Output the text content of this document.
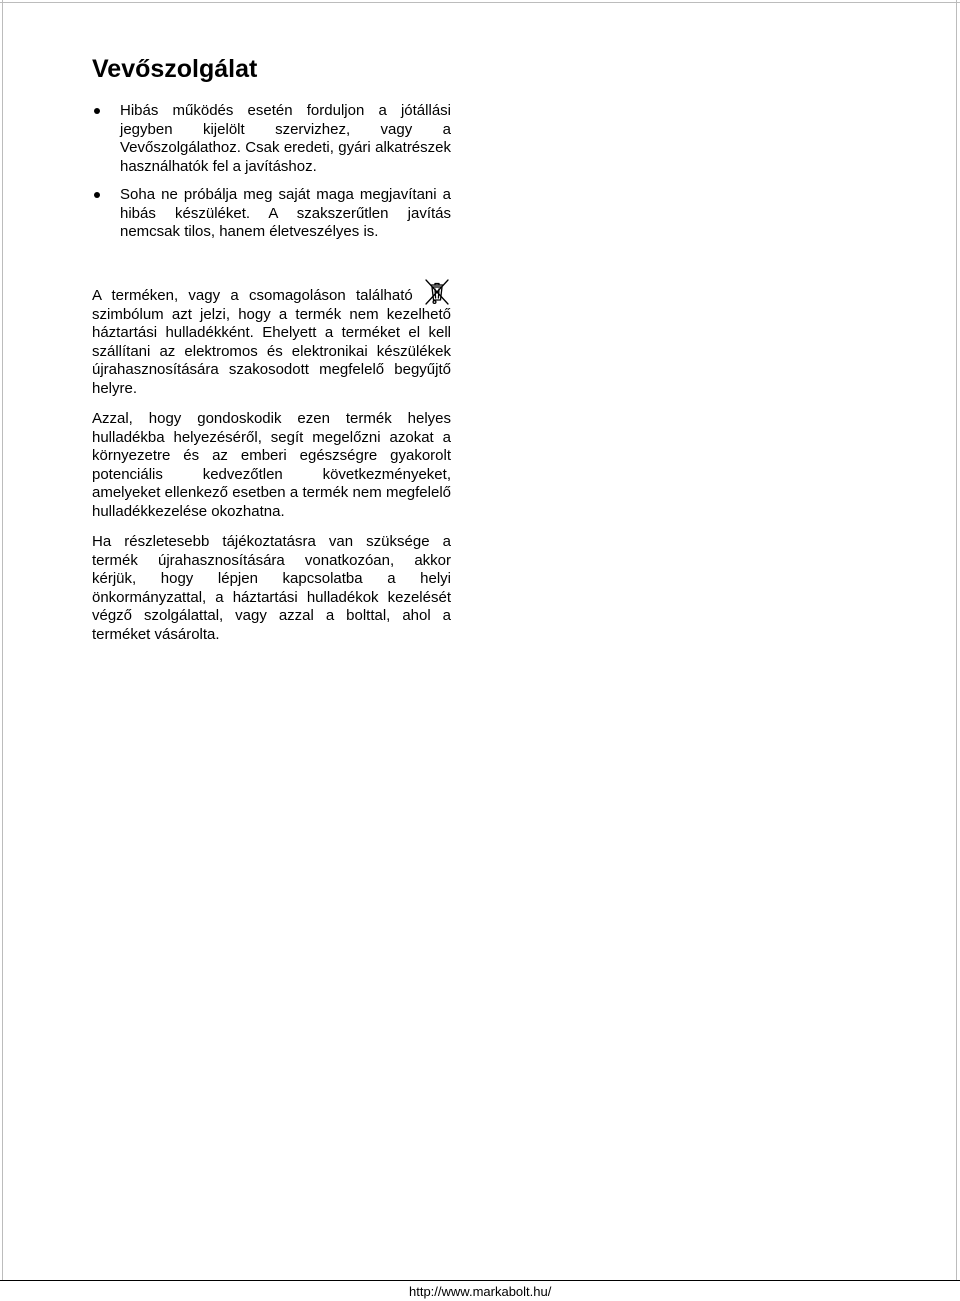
Vevőszolgálat
Hibás működés esetén forduljon a jótállási jegyben kijelölt szervizhez, vagy a Vevőszolgálathoz. Csak eredeti, gyári alkatrészek használhatók fel a javításhoz.
Soha ne próbálja meg saját maga megjavítani a hibás készüléket. A szakszerűtlen javítás nemcsak tilos, hanem életveszélyes is.

A terméken, vagy a csomagoláson található szimbólum azt jelzi, hogy a termék nem kezelhető háztartási hulladékként. Ehelyett a terméket el kell szállítani az elektromos és elektronikai készülékek újrahasznosítására szakosodott megfelelő begyűjtő helyre.

Azzal, hogy gondoskodik ezen termék helyes hulladékba helyezéséről, segít megelőzni azokat a környezetre és az emberi egészségre gyakorolt potenciális kedvezőtlen következményeket, amelyeket ellenkező esetben a termék nem megfelelő hulladékkezelése okozhatna.

Ha részletesebb tájékoztatásra van szüksége a termék újrahasznosítására vonatkozóan, akkor kérjük, hogy lépjen kapcsolatba a helyi önkormányzattal, a háztartási hulladékok kezelését végző szolgálattal, vagy azzal a bolttal, ahol a terméket vásárolta.

http://www.markabolt.hu/
